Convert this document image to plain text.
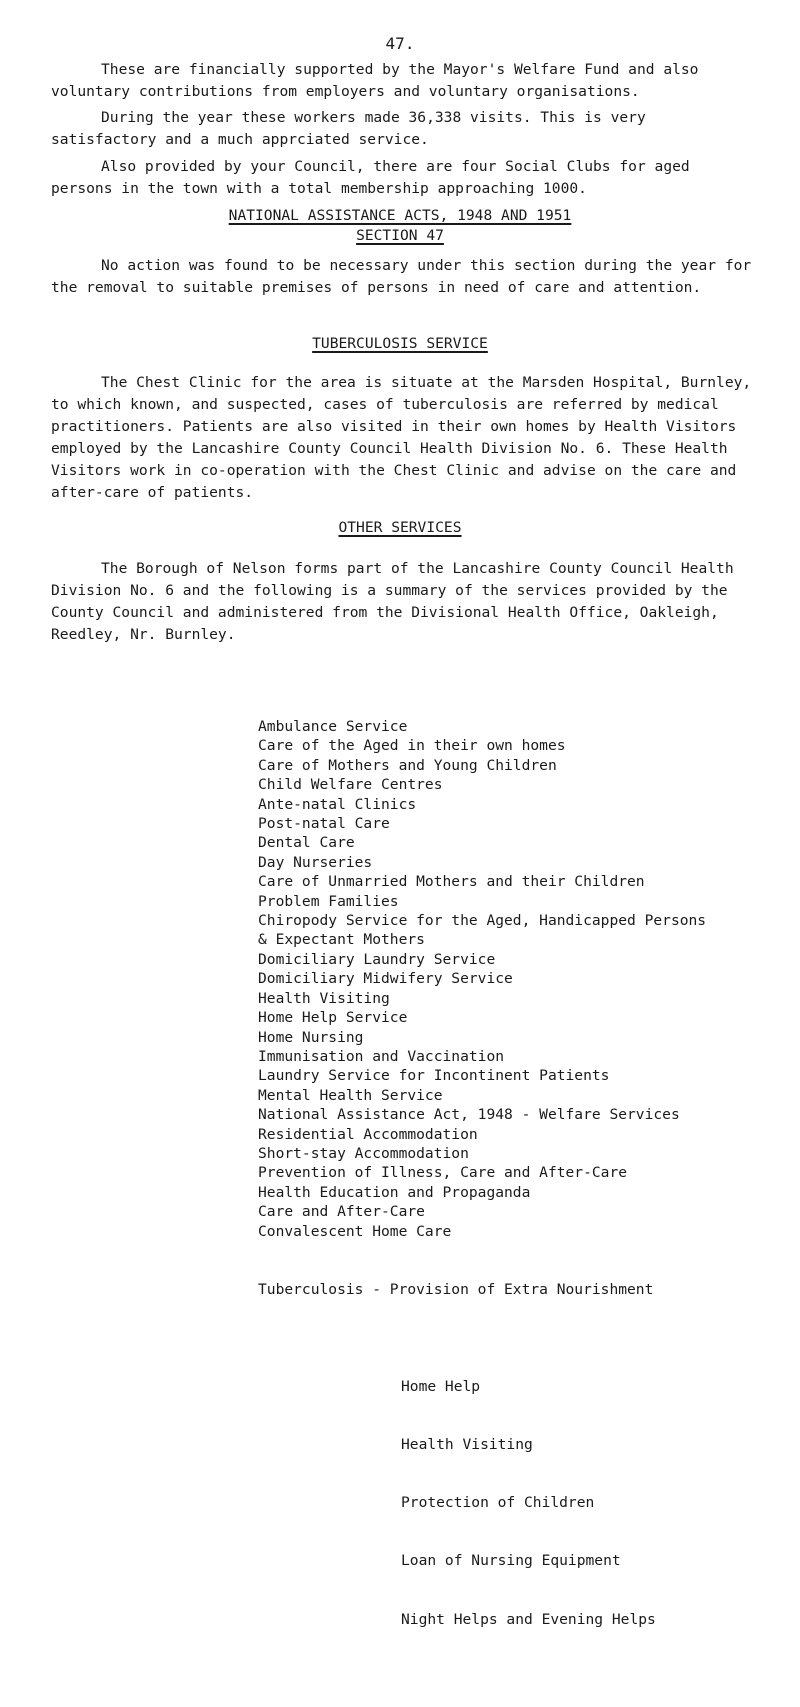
47.

These are financially supported by the Mayor's Welfare Fund and also voluntary contributions from employers and voluntary organisations.

During the year these workers made 36,338 visits. This is very satisfactory and a much apprciated service.

Also provided by your Council, there are four Social Clubs for aged persons in the town with a total membership approaching 1000.

NATIONAL ASSISTANCE ACTS, 1948 AND 1951

SECTION 47

No action was found to be necessary under this section during the year for the removal to suitable premises of persons in need of care and attention.

TUBERCULOSIS SERVICE

The Chest Clinic for the area is situate at the Marsden Hospital, Burnley, to which known, and suspected, cases of tuberculosis are referred by medical practitioners. Patients are also visited in their own homes by Health Visitors employed by the Lancashire County Council Health Division No. 6. These Health Visitors work in co-operation with the Chest Clinic and advise on the care and after-care of patients.

OTHER SERVICES

The Borough of Nelson forms part of the Lancashire County Council Health Division No. 6 and the following is a summary of the services provided by the County Council and administered from the Divisional Health Office, Oakleigh, Reedley, Nr. Burnley.

Ambulance Service
Care of the Aged in their own homes
Care of Mothers and Young Children
Child Welfare Centres
Ante-natal Clinics
Post-natal Care
Dental Care
Day Nurseries
Care of Unmarried Mothers and their Children
Problem Families
Chiropody Service for the Aged, Handicapped Persons
& Expectant Mothers
Domiciliary Laundry Service
Domiciliary Midwifery Service
Health Visiting
Home Help Service
Home Nursing
Immunisation and Vaccination
Laundry Service for Incontinent Patients
Mental Health Service
National Assistance Act, 1948 - Welfare Services
Residential Accommodation
Short-stay Accommodation
Prevention of Illness, Care and After-Care
Health Education and Propaganda
Care and After-Care
Convalescent Home Care

Tuberculosis - Provision of Extra Nourishment

Home Help

Health Visiting

Protection of Children

Loan of Nursing Equipment

Night Helps and Evening Helps
